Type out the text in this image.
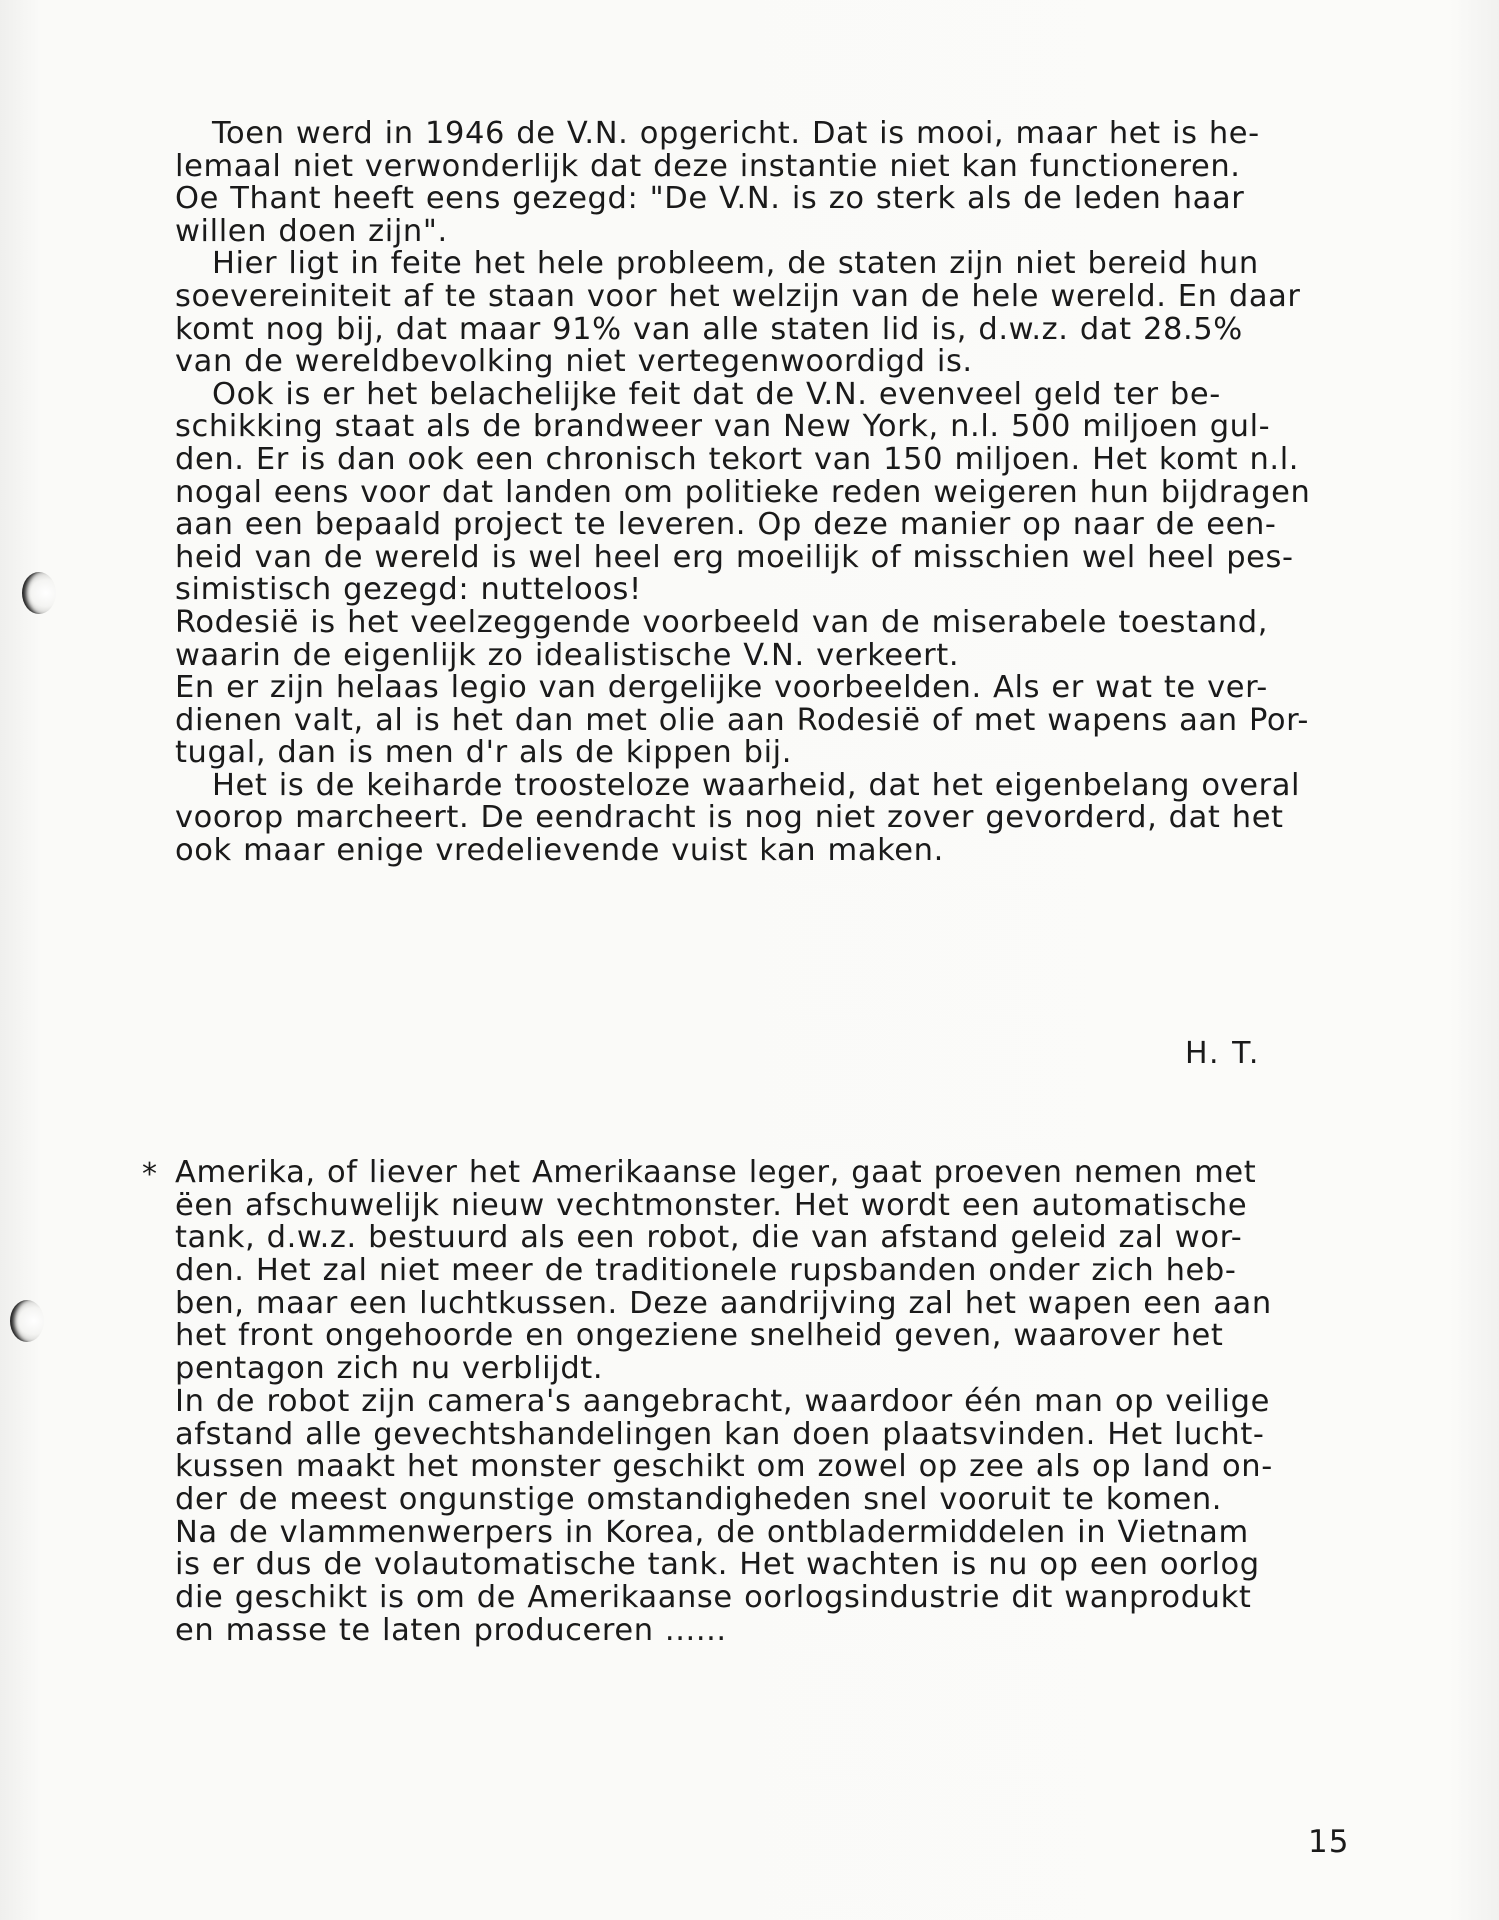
Toen werd in 1946 de V.N. opgericht. Dat is mooi, maar het is he-
lemaal niet verwonderlijk dat deze instantie niet kan functioneren.
Oe Thant heeft eens gezegd: "De V.N. is zo sterk als de leden haar
willen doen zijn".
Hier ligt in feite het hele probleem, de staten zijn niet bereid hun
soevereiniteit af te staan voor het welzijn van de hele wereld. En daar
komt nog bij, dat maar 91% van alle staten lid is, d.w.z. dat 28.5%
van de wereldbevolking niet vertegenwoordigd is.
Ook is er het belachelijke feit dat de V.N. evenveel geld ter be-
schikking staat als de brandweer van New York, n.l. 500 miljoen gul-
den. Er is dan ook een chronisch tekort van 150 miljoen. Het komt n.l.
nogal eens voor dat landen om politieke reden weigeren hun bijdragen
aan een bepaald project te leveren. Op deze manier op naar de een-
heid van de wereld is wel heel erg moeilijk of misschien wel heel pes-
simistisch gezegd: nutteloos!
Rodesië is het veelzeggende voorbeeld van de miserabele toestand,
waarin de eigenlijk zo idealistische V.N. verkeert.
En er zijn helaas legio van dergelijke voorbeelden. Als er wat te ver-
dienen valt, al is het dan met olie aan Rodesië of met wapens aan Por-
tugal, dan is men d'r als de kippen bij.
Het is de keiharde troosteloze waarheid, dat het eigenbelang overal
voorop marcheert. De eendracht is nog niet zover gevorderd, dat het
ook maar enige vredelievende vuist kan maken.
H. T.
* Amerika, of liever het Amerikaanse leger, gaat proeven nemen met
ëen afschuwelijk nieuw vechtmonster. Het wordt een automatische
tank, d.w.z. bestuurd als een robot, die van afstand geleid zal wor-
den. Het zal niet meer de traditionele rupsbanden onder zich heb-
ben, maar een luchtkussen. Deze aandrijving zal het wapen een aan
het front ongehoorde en ongeziene snelheid geven, waarover het
pentagon zich nu verblijdt.
In de robot zijn camera's aangebracht, waardoor één man op veilige
afstand alle gevechtshandelingen kan doen plaatsvinden. Het lucht-
kussen maakt het monster geschikt om zowel op zee als op land on-
der de meest ongunstige omstandigheden snel vooruit te komen.
Na de vlammenwerpers in Korea, de ontbladermiddelen in Vietnam
is er dus de volautomatische tank. Het wachten is nu op een oorlog
die geschikt is om de Amerikaanse oorlogsindustrie dit wanprodukt
en masse te laten produceren ......
15
